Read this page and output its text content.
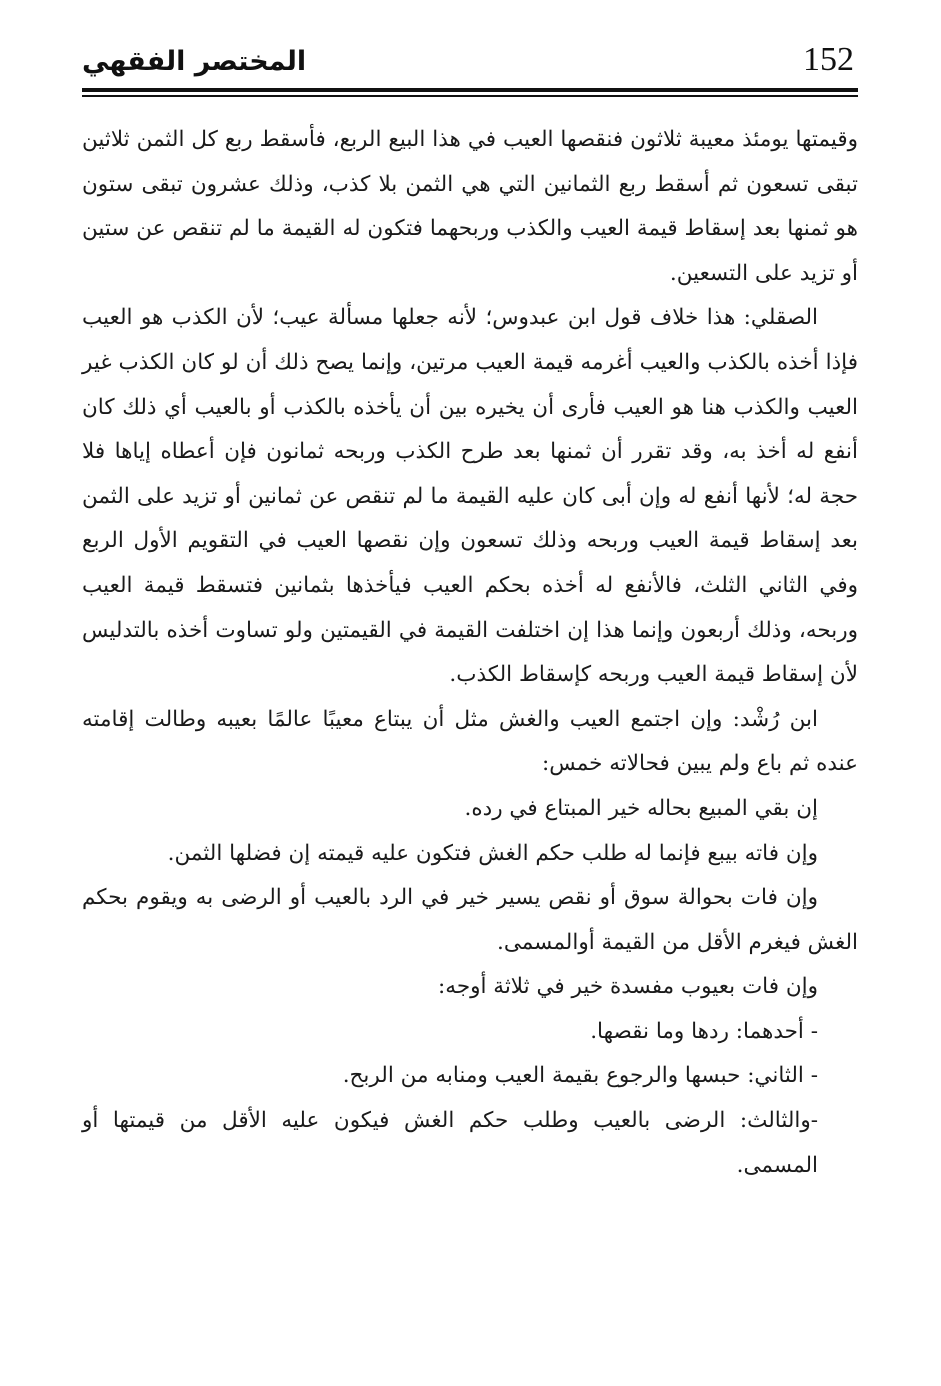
152
المختصر الفقهي

وقيمتها يومئذ معيبة ثلاثون فنقصها العيب في هذا البيع الربع، فأسقط ربع كل الثمن ثلاثين تبقى تسعون ثم أسقط ربع الثمانين التي هي الثمن بلا كذب، وذلك عشرون تبقى ستون هو ثمنها بعد إسقاط قيمة العيب والكذب وربحهما فتكون له القيمة ما لم تنقص عن ستين أو تزيد على التسعين.

الصقلي: هذا خلاف قول ابن عبدوس؛ لأنه جعلها مسألة عيب؛ لأن الكذب هو العيب فإذا أخذه بالكذب والعيب أغرمه قيمة العيب مرتين، وإنما يصح ذلك أن لو كان الكذب غير العيب والكذب هنا هو العيب فأرى أن يخيره بين أن يأخذه بالكذب أو بالعيب أي ذلك كان أنفع له أخذ به، وقد تقرر أن ثمنها بعد طرح الكذب وربحه ثمانون فإن أعطاه إياها فلا حجة له؛ لأنها أنفع له وإن أبى كان عليه القيمة ما لم تنقص عن ثمانين أو تزيد على الثمن بعد إسقاط قيمة العيب وربحه وذلك تسعون وإن نقصها العيب في التقويم الأول الربع وفي الثاني الثلث، فالأنفع له أخذه بحكم العيب فيأخذها بثمانين فتسقط قيمة العيب وربحه، وذلك أربعون وإنما هذا إن اختلفت القيمة في القيمتين ولو تساوت أخذه بالتدليس لأن إسقاط قيمة العيب وربحه كإسقاط الكذب.

ابن رُشْد: وإن اجتمع العيب والغش مثل أن يبتاع معيبًا عالمًا بعيبه وطالت إقامته عنده ثم باع ولم يبين فحالاته خمس:

إن بقي المبيع بحاله خير المبتاع في رده.

وإن فاته بيبع فإنما له طلب حكم الغش فتكون عليه قيمته إن فضلها الثمن.

وإن فات بحوالة سوق أو نقص يسير خير في الرد بالعيب أو الرضى به ويقوم بحكم الغش فيغرم الأقل من القيمة أوالمسمى.

وإن فات بعيوب مفسدة خير في ثلاثة أوجه:

- أحدهما: ردها وما نقصها.

- الثاني: حبسها والرجوع بقيمة العيب ومنابه من الربح.

-والثالث: الرضى بالعيب وطلب حكم الغش فيكون عليه الأقل من قيمتها أو المسمى.
